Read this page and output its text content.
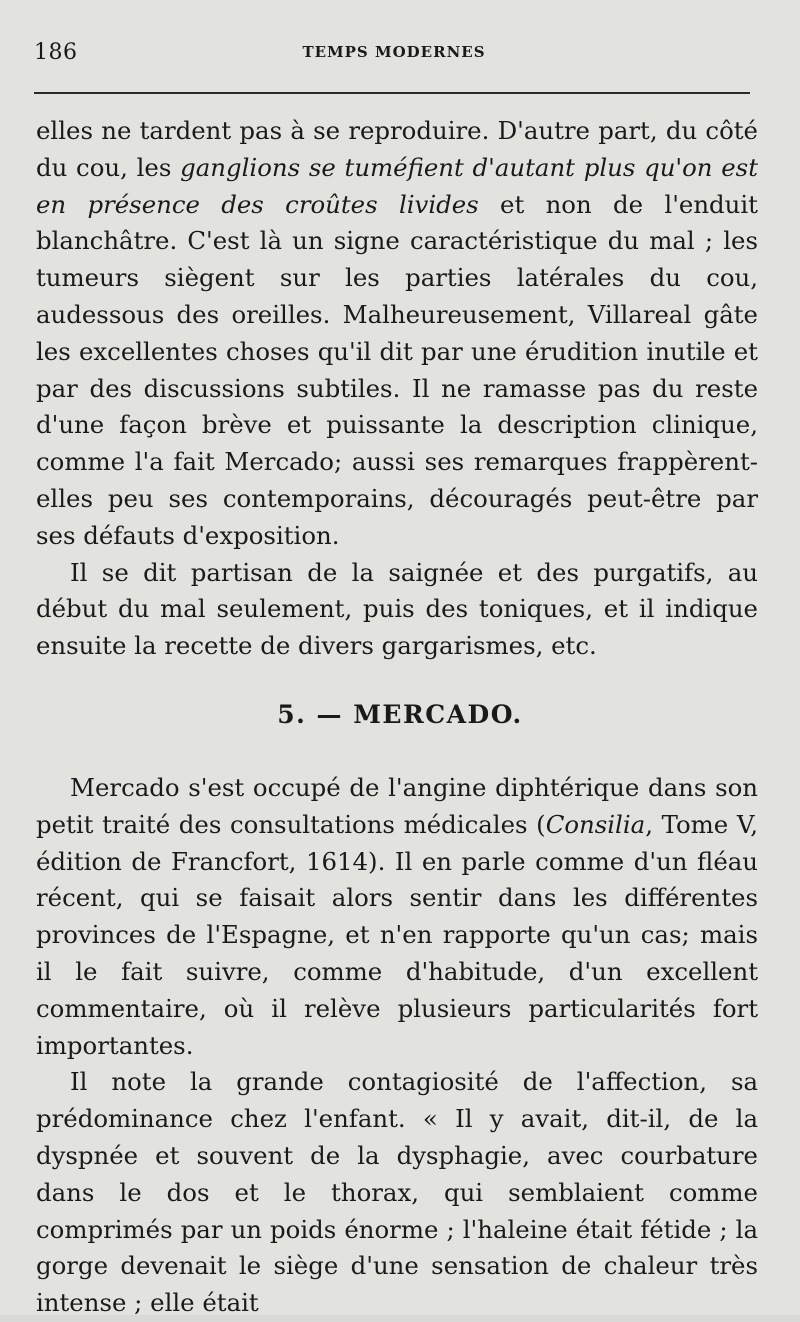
186	TEMPS MODERNES

elles ne tardent pas à se reproduire. D'autre part, du côté du cou, les ganglions se tuméfient d'autant plus qu'on est en présence des croûtes livides et non de l'enduit blanchâtre. C'est là un signe caractéristique du mal ; les tumeurs siègent sur les parties latérales du cou, audessous des oreilles. Malheureusement, Villareal gâte les excellentes choses qu'il dit par une érudition inutile et par des discussions subtiles. Il ne ramasse pas du reste d'une façon brève et puissante la description clinique, comme l'a fait Mercado; aussi ses remarques frappèrent-elles peu ses contemporains, découragés peut-être par ses défauts d'exposition.

Il se dit partisan de la saignée et des purgatifs, au début du mal seulement, puis des toniques, et il indique ensuite la recette de divers gargarismes, etc.

5. — MERCADO.

Mercado s'est occupé de l'angine diphtérique dans son petit traité des consultations médicales (Consilia, Tome V, édition de Francfort, 1614). Il en parle comme d'un fléau récent, qui se faisait alors sentir dans les différentes provinces de l'Espagne, et n'en rapporte qu'un cas; mais il le fait suivre, comme d'habitude, d'un excellent commentaire, où il relève plusieurs particularités fort importantes.

Il note la grande contagiosité de l'affection, sa prédominance chez l'enfant. « Il y avait, dit-il, de la dyspnée et souvent de la dysphagie, avec courbature dans le dos et le thorax, qui semblaient comme comprimés par un poids énorme ; l'haleine était fétide ; la gorge devenait le siège d'une sensation de chaleur très intense ; elle était
